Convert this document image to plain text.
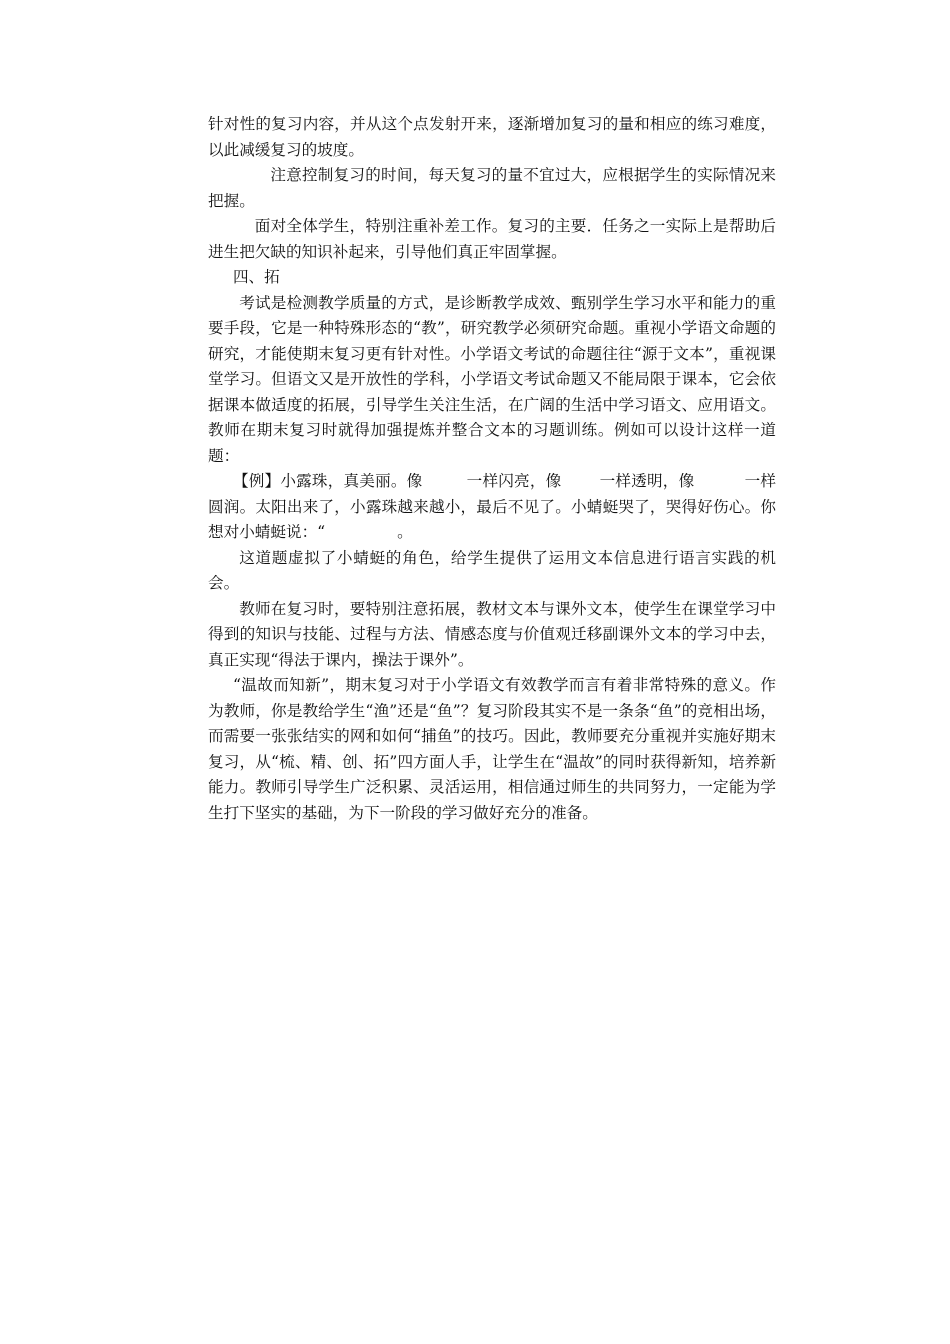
针对性的复习内容，并从这个点发射开来，逐渐增加复习的量和相应的练习难度，以此减缓复习的坡度。

注意控制复习的时间，每天复习的量不宜过大，应根据学生的实际情况来把握。

面对全体学生，特别注重补差工作。复习的主要．任务之一实际上是帮助后进生把欠缺的知识补起来，引导他们真正牢固掌握。

四、拓

考试是检测教学质量的方式，是诊断教学成效、甄别学生学习水平和能力的重要手段，它是一种特殊形态的“教”，研究教学必须研究命题。重视小学语文命题的研究，才能使期末复习更有针对性。小学语文考试的命题往往“源于文本”，重视课堂学习。但语文又是开放性的学科，小学语文考试命题又不能局限于课本，它会依据课本做适度的拓展，引导学生关注生活，在广阔的生活中学习语文、应用语文。教师在期末复习时就得加强提炼并整合文本的习题训练。例如可以设计这样一道题：

【例】小露珠，真美丽。像	一样闪亮，像 一样透明，像	一样圆润。太阳出来了，小露珠越来越小，最后不见了。小蜻蜓哭了，哭得好伤心。你想对小蜻蜓说：“	。

这道题虚拟了小蜻蜓的角色，给学生提供了运用文本信息进行语言实践的机会。

教师在复习时，要特别注意拓展，教材文本与课外文本，使学生在课堂学习中得到的知识与技能、过程与方法、情感态度与价值观迁移副课外文本的学习中去，真正实现“得法于课内，操法于课外”。

“温故而知新”，期末复习对于小学语文有效教学而言有着非常特殊的意义。作为教师，你是教给学生“渔”还是“鱼”？复习阶段其实不是一条条“鱼”的竞相出场，而需要一张张结实的网和如何“捕鱼”的技巧。因此，教师要充分重视并实施好期末复习，从“梳、精、创、拓”四方面人手，让学生在“温故”的同时获得新知，培养新能力。教师引导学生广泛积累、灵活运用，相信通过师生的共同努力，一定能为学生打下坚实的基础，为下一阶段的学习做好充分的准备。
